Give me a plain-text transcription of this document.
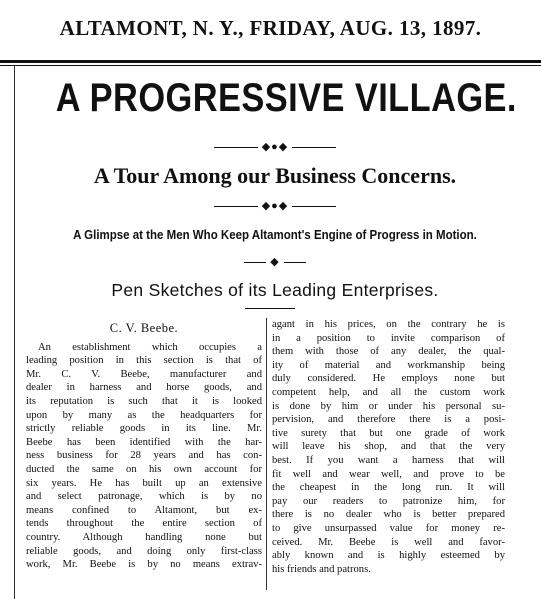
ALTAMONT, N. Y., FRIDAY, AUG. 13, 1897.
A PROGRESSIVE VILLAGE.
◆●◆
A Tour Among our Business Concerns.
◆●◆
A Glimpse at the Men Who Keep Altamont's Engine of Progress in Motion.
◆
Pen Sketches of its Leading Enterprises.

C. V. Beebe.

An establishment which occupies a
leading position in this section is that of
Mr. C. V. Beebe, manufacturer and
dealer in harness and horse goods, and
its reputation is such that it is looked
upon by many as the headquarters for
strictly reliable goods in its line. Mr.
Beebe has been identified with the har-
ness business for 28 years and has con-
ducted the same on his own account for
six years. He has built up an extensive
and select patronage, which is by no
means confined to Altamont, but ex-
tends throughout the entire section of
country. Although handling none but
reliable goods, and doing only first-class
work, Mr. Beebe is by no means extrav-
agant in his prices, on the contrary he is
in a position to invite comparison of
them with those of any dealer, the qual-
ity of material and workmanship being
duly considered. He employs none but
competent help, and all the custom work
is done by him or under his personal su-
pervision, and therefore there is a posi-
tive surety that but one grade of work
will leave his shop, and that the very
best. If you want a harness that will
fit well and wear well, and prove to be
the cheapest in the long run. It will
pay our readers to patronize him, for
there is no dealer who is better prepared
to give unsurpassed value for money re-
ceived. Mr. Beebe is well and favor-
ably known and is highly esteemed by
his friends and patrons.
